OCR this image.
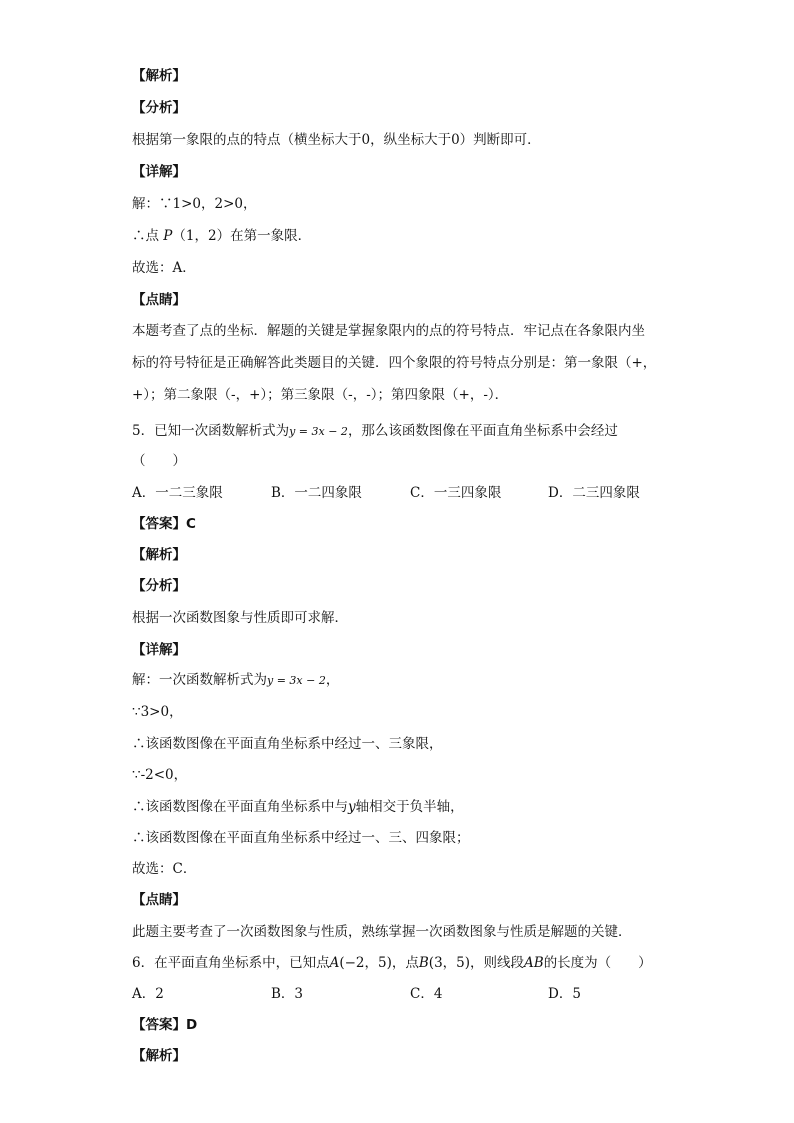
【解析】
【分析】
根据第一象限的点的特点（横坐标大于0，纵坐标大于0）判断即可．
【详解】
解：∵1>0，2>0，
∴点 P（1，2）在第一象限．
故选：A．
【点睛】
本题考查了点的坐标．解题的关键是掌握象限内的点的符号特点．牢记点在各象限内坐
标的符号特征是正确解答此类题目的关键．四个象限的符号特点分别是：第一象限（+，
+）；第二象限（-，+）；第三象限（-，-）；第四象限（+，-）．
5．已知一次函数解析式为y = 3x − 2，那么该函数图像在平面直角坐标系中会经过
（　　）
A．一二三象限	B．一二四象限	C．一三四象限	D．二三四象限
【答案】C
【解析】
【分析】
根据一次函数图象与性质即可求解．
【详解】
解：一次函数解析式为y = 3x − 2，
∵3>0，
∴该函数图像在平面直角坐标系中经过一、三象限，
∵-2<0，
∴该函数图像在平面直角坐标系中与y轴相交于负半轴，
∴该函数图像在平面直角坐标系中经过一、三、四象限；
故选：C．
【点睛】
此题主要考查了一次函数图象与性质，熟练掌握一次函数图象与性质是解题的关键．
6．在平面直角坐标系中，已知点A(−2，5)，点B(3，5)，则线段AB的长度为（　　）
A．2	B．3	C．4	D．5
【答案】D
【解析】
